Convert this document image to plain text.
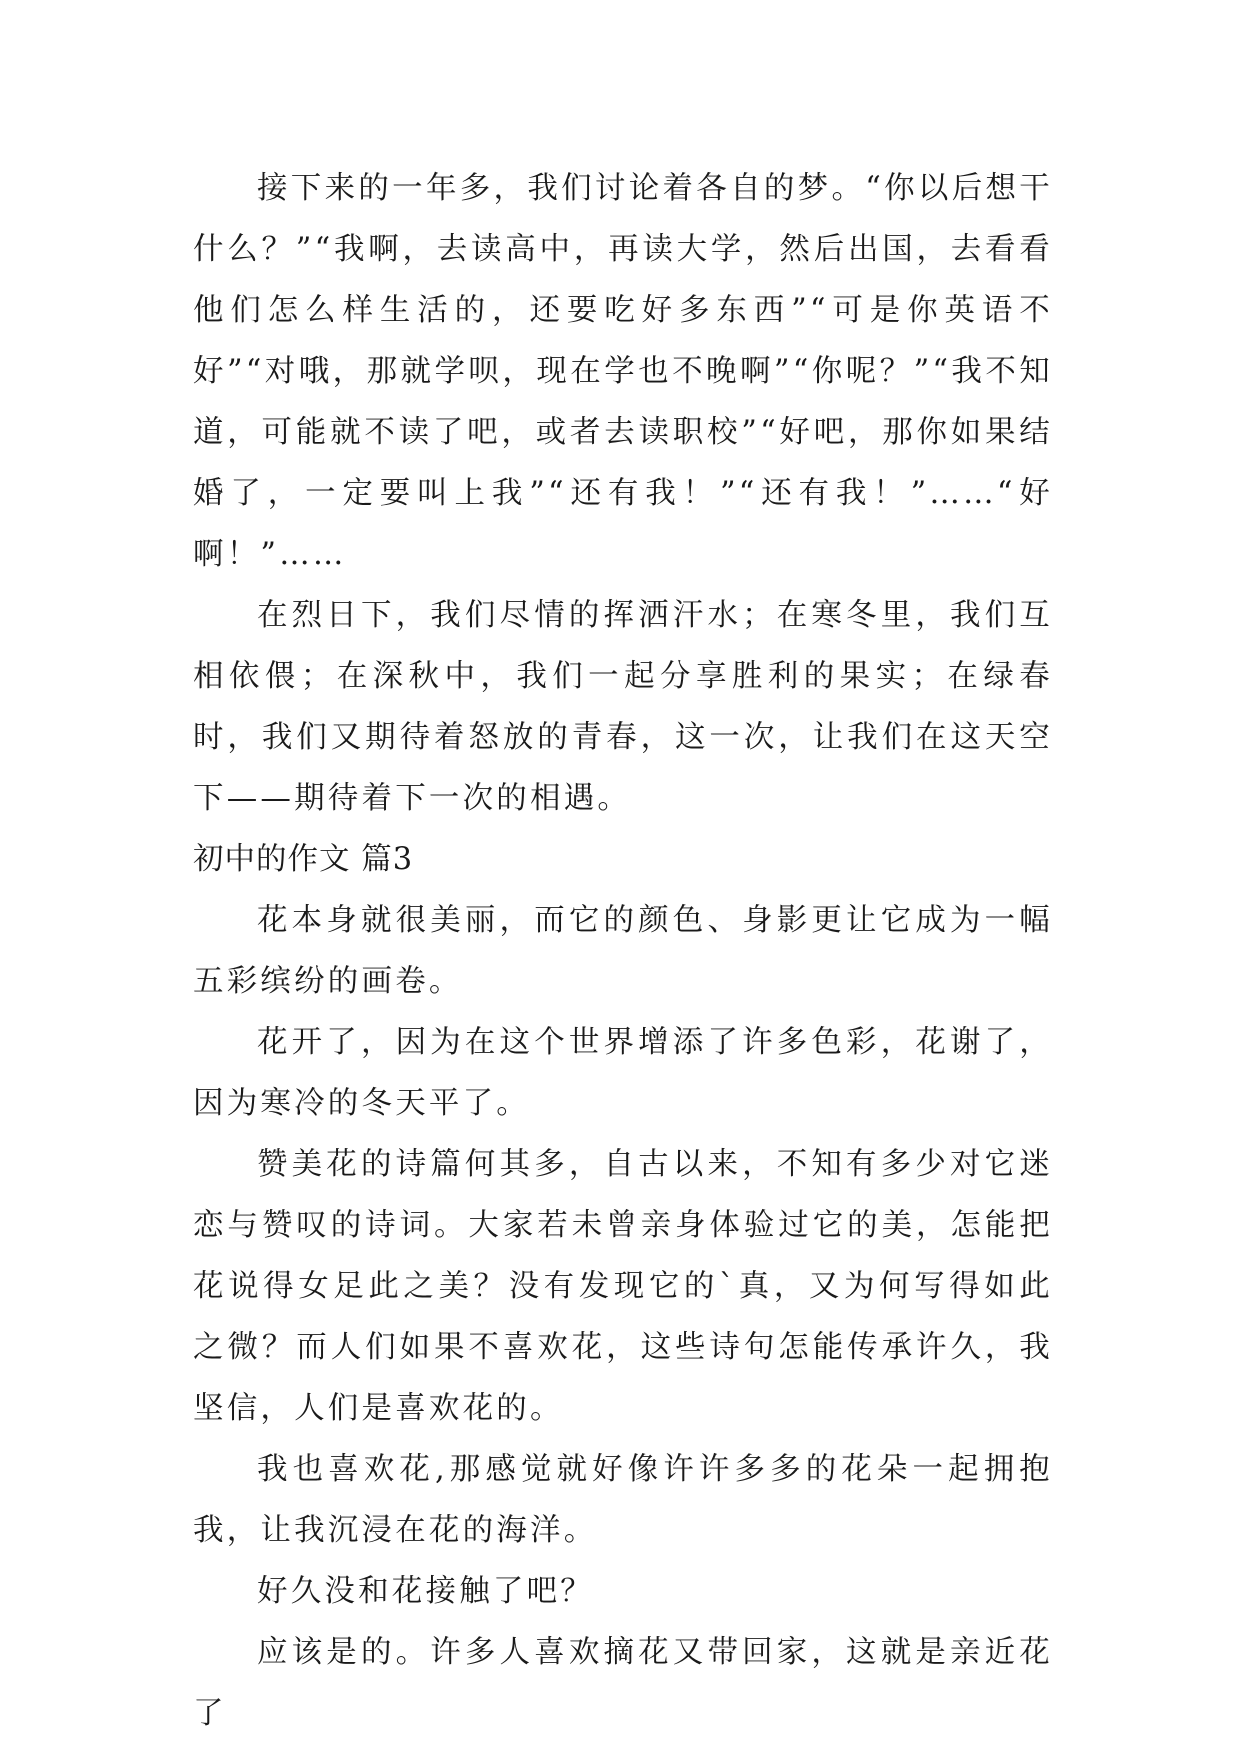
接下来的一年多，我们讨论着各自的梦。“你以后想干什么？”“我啊，去读高中，再读大学，然后出国，去看看他们怎么样生活的，还要吃好多东西”“可是你英语不好”“对哦，那就学呗，现在学也不晚啊”“你呢？”“我不知道，可能就不读了吧，或者去读职校”“好吧，那你如果结婚了，一定要叫上我”“还有我！”“还有我！”……“好啊！”……

在烈日下，我们尽情的挥洒汗水；在寒冬里，我们互相依偎；在深秋中，我们一起分享胜利的果实；在绿春时，我们又期待着怒放的青春，这一次，让我们在这天空下——期待着下一次的相遇。

初中的作文 篇3

花本身就很美丽，而它的颜色、身影更让它成为一幅五彩缤纷的画卷。

花开了，因为在这个世界增添了许多色彩，花谢了，因为寒冷的冬天平了。

赞美花的诗篇何其多，自古以来，不知有多少对它迷恋与赞叹的诗词。大家若未曾亲身体验过它的美，怎能把花说得女足此之美？没有发现它的`真，又为何写得如此之微？而人们如果不喜欢花，这些诗句怎能传承许久，我坚信，人们是喜欢花的。

我也喜欢花,那感觉就好像许许多多的花朵一起拥抱我，让我沉浸在花的海洋。

好久没和花接触了吧？

应该是的。许多人喜欢摘花又带回家，这就是亲近花了
